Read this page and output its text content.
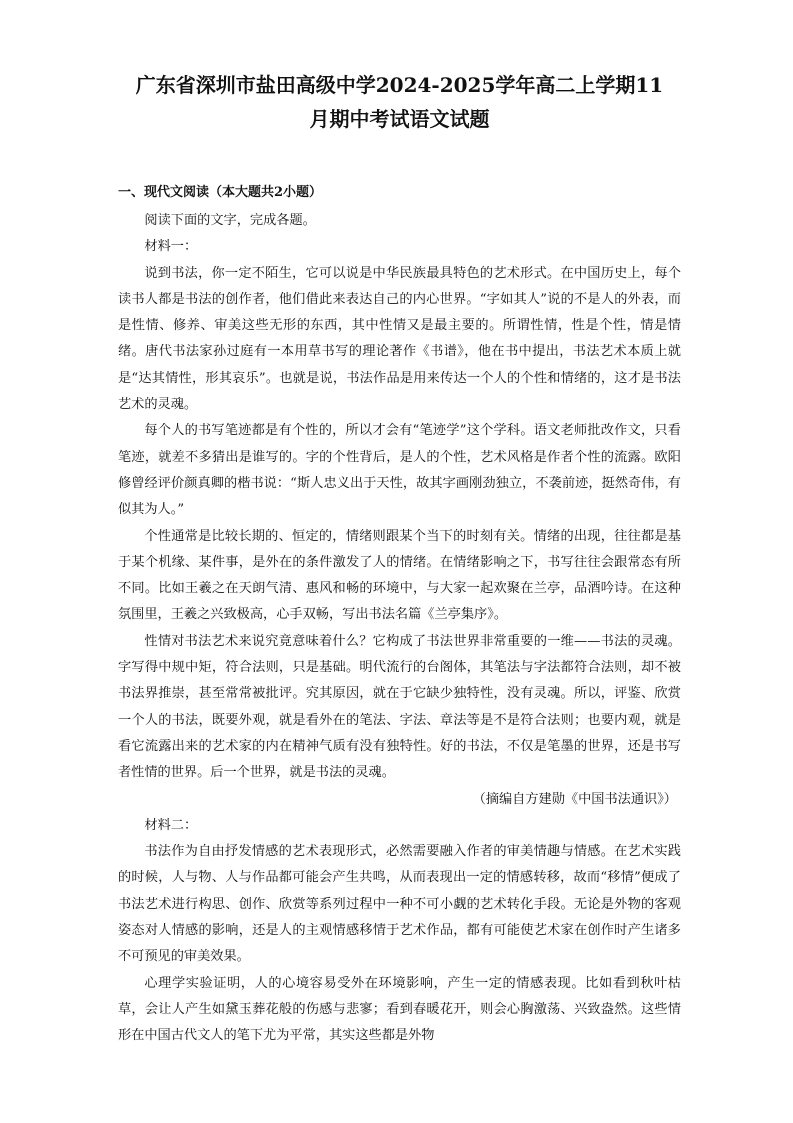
广东省深圳市盐田高级中学2024-2025学年高二上学期11
月期中考试语文试题

一、现代文阅读（本大题共2小题）

阅读下面的文字，完成各题。

材料一：

说到书法，你一定不陌生，它可以说是中华民族最具特色的艺术形式。在中国历史上，每个读书人都是书法的创作者，他们借此来表达自己的内心世界。“字如其人”说的不是人的外表，而是性情、修养、审美这些无形的东西，其中性情又是最主要的。所谓性情，性是个性，情是情绪。唐代书法家孙过庭有一本用草书写的理论著作《书谱》，他在书中提出，书法艺术本质上就是“达其情性，形其哀乐”。也就是说，书法作品是用来传达一个人的个性和情绪的，这才是书法艺术的灵魂。

每个人的书写笔迹都是有个性的，所以才会有“笔迹学”这个学科。语文老师批改作文，只看笔迹，就差不多猜出是谁写的。字的个性背后，是人的个性，艺术风格是作者个性的流露。欧阳修曾经评价颜真卿的楷书说：“斯人忠义出于天性，故其字画刚劲独立，不袭前迹，挺然奇伟，有似其为人。”

个性通常是比较长期的、恒定的，情绪则跟某个当下的时刻有关。情绪的出现，往往都是基于某个机缘、某件事，是外在的条件激发了人的情绪。在情绪影响之下，书写往往会跟常态有所不同。比如王羲之在天朗气清、惠风和畅的环境中，与大家一起欢聚在兰亭，品酒吟诗。在这种氛围里，王羲之兴致极高，心手双畅，写出书法名篇《兰亭集序》。

性情对书法艺术来说究竟意味着什么？它构成了书法世界非常重要的一维——书法的灵魂。字写得中规中矩，符合法则，只是基础。明代流行的台阁体，其笔法与字法都符合法则，却不被书法界推崇，甚至常常被批评。究其原因，就在于它缺少独特性，没有灵魂。所以，评鉴、欣赏一个人的书法，既要外观，就是看外在的笔法、字法、章法等是不是符合法则；也要内观，就是看它流露出来的艺术家的内在精神气质有没有独特性。好的书法，不仅是笔墨的世界，还是书写者性情的世界。后一个世界，就是书法的灵魂。

（摘编自方建勋《中国书法通识》）

材料二：

书法作为自由抒发情感的艺术表现形式，必然需要融入作者的审美情趣与情感。在艺术实践的时候，人与物、人与作品都可能会产生共鸣，从而表现出一定的情感转移，故而“移情”便成了书法艺术进行构思、创作、欣赏等系列过程中一种不可小觑的艺术转化手段。无论是外物的客观姿态对人情感的影响，还是人的主观情感移情于艺术作品，都有可能使艺术家在创作时产生诸多不可预见的审美效果。

心理学实验证明，人的心境容易受外在环境影响，产生一定的情感表现。比如看到秋叶枯草，会让人产生如黛玉葬花般的伤感与悲寥；看到春暖花开，则会心胸激荡、兴致盎然。这些情形在中国古代文人的笔下尤为平常，其实这些都是外物
